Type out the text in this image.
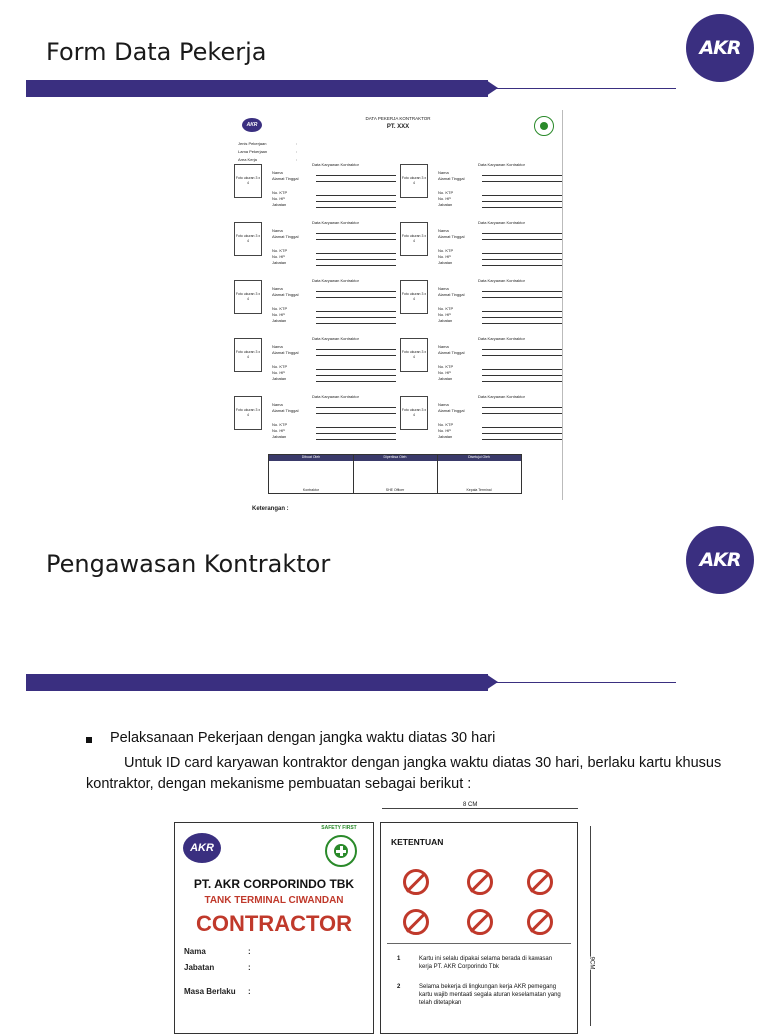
Form Data Pekerja	AKR
AKR
DATA PEKERJA KONTRAKTOR
PT. XXX
Jenis Pekerjaan	:
Lama Pekerjaan	:
Area Kerja	:
Foto ukuran 3 x 4
Data Karyawan Kontraktor
Nama
Alamat Tinggal
No. KTP
No. HP
Jabatan
Foto ukuran 3 x 4
Data Karyawan Kontraktor
Nama
Alamat Tinggal
No. KTP
No. HP
Jabatan
Foto ukuran 3 x 4
Data Karyawan Kontraktor
Nama
Alamat Tinggal
No. KTP
No. HP
Jabatan
Foto ukuran 3 x 4
Data Karyawan Kontraktor
Nama
Alamat Tinggal
No. KTP
No. HP
Jabatan
Foto ukuran 3 x 4
Data Karyawan Kontraktor
Nama
Alamat Tinggal
No. KTP
No. HP
Jabatan
Foto ukuran 3 x 4
Data Karyawan Kontraktor
Nama
Alamat Tinggal
No. KTP
No. HP
Jabatan
Foto ukuran 3 x 4
Data Karyawan Kontraktor
Nama
Alamat Tinggal
No. KTP
No. HP
Jabatan
Foto ukuran 3 x 4
Data Karyawan Kontraktor
Nama
Alamat Tinggal
No. KTP
No. HP
Jabatan
Foto ukuran 3 x 4
Data Karyawan Kontraktor
Nama
Alamat Tinggal
No. KTP
No. HP
Jabatan
Foto ukuran 3 x 4
Data Karyawan Kontraktor
Nama
Alamat Tinggal
No. KTP
No. HP
Jabatan
Dibuat Oleh	Diperiksa Oleh	Disetujui Oleh
Kontraktor	SHE Officer	Kepala Terminal
Keterangan :
Pengawasan Kontraktor	AKR
Pelaksanaan Pekerjaan dengan jangka waktu diatas 30 hari
Untuk ID card karyawan kontraktor dengan jangka waktu diatas 30 hari, berlaku kartu khusus kontraktor, dengan mekanisme pembuatan sebagai berikut :
8 CM
9CM
AKR
SAFETY FIRST
PT. AKR CORPORINDO TBK
TANK TERMINAL CIWANDAN
CONTRACTOR
Nama	:
Jabatan	:
Masa Berlaku :
KETENTUAN
1	Kartu ini selalu dipakai selama berada di kawasan kerja PT. AKR Corporindo Tbk
2	Selama bekerja di lingkungan kerja AKR pemegang kartu wajib mentaati segala aturan keselamatan yang telah ditetapkan
